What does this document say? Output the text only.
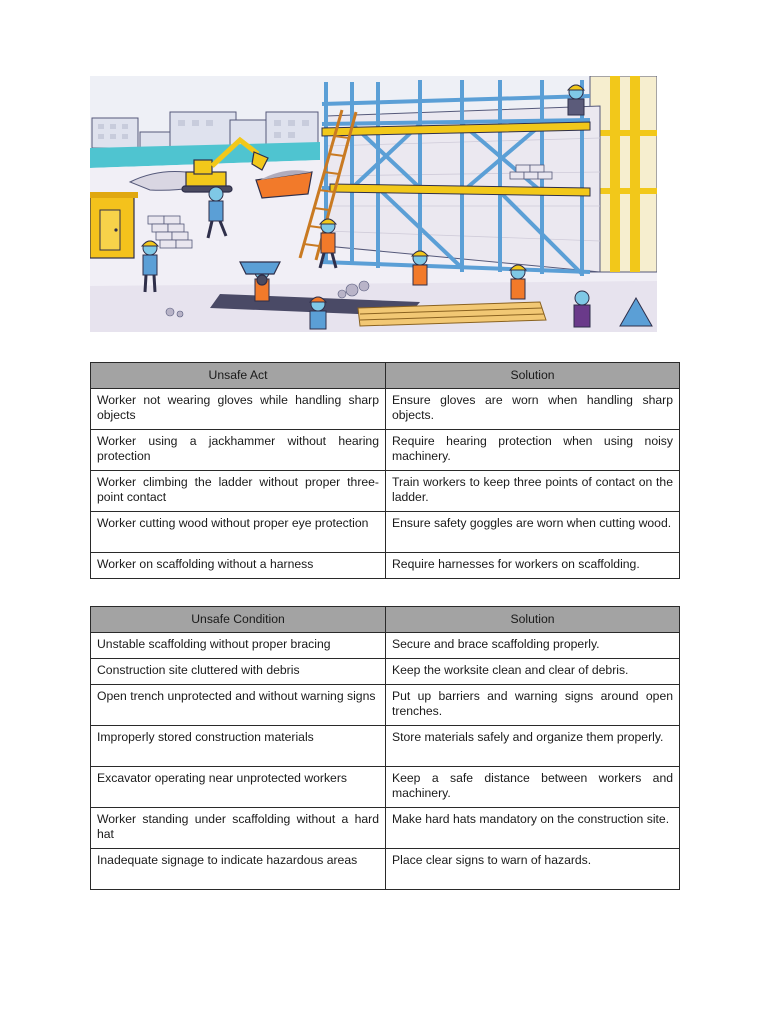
Unsafe Act	Solution
Worker not wearing gloves while handling sharp objects	Ensure gloves are worn when handling sharp objects.
Worker using a jackhammer without hearing protection	Require hearing protection when using noisy machinery.
Worker climbing the ladder without proper three-point contact	Train workers to keep three points of contact on the ladder.
Worker cutting wood without proper eye protection	Ensure safety goggles are worn when cutting wood.
Worker on scaffolding without a harness	Require harnesses for workers on scaffolding.
Unsafe Condition	Solution
Unstable scaffolding without proper bracing	Secure and brace scaffolding properly.
Construction site cluttered with debris	Keep the worksite clean and clear of debris.
Open trench unprotected and without warning signs	Put up barriers and warning signs around open trenches.
Improperly stored construction materials	Store materials safely and organize them properly.
Excavator operating near unprotected workers	Keep a safe distance between workers and machinery.
Worker standing under scaffolding without a hard hat	Make hard hats mandatory on the construction site.
Inadequate signage to indicate hazardous areas	Place clear signs to warn of hazards.
